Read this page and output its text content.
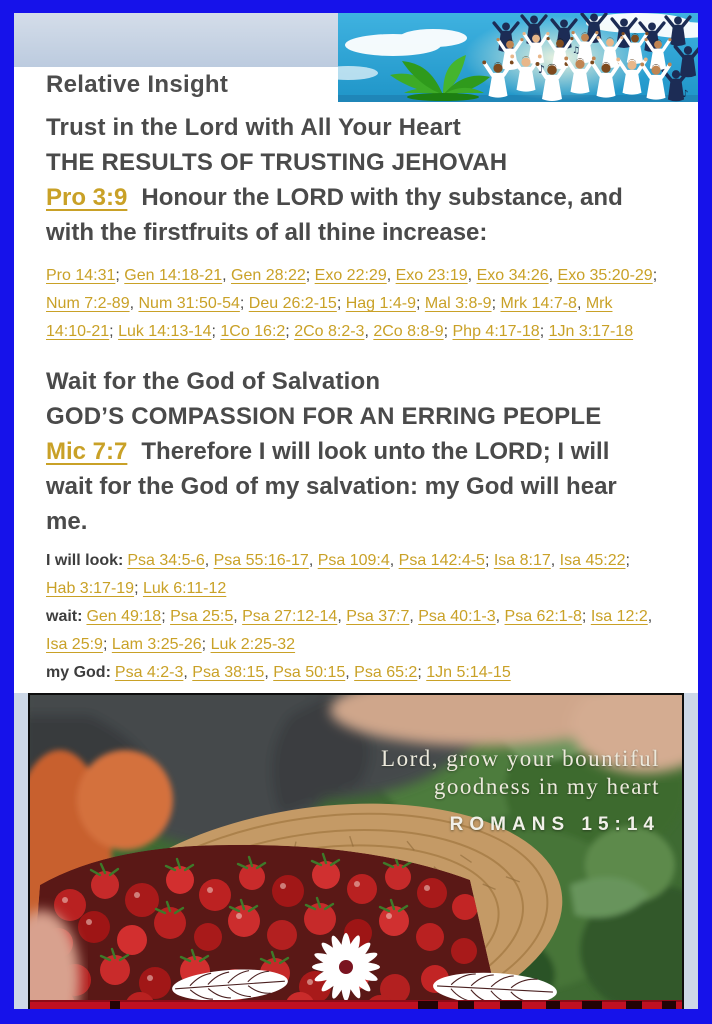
♪
♫
♪
Relative Insight
Trust in the Lord with All Your Heart
THE RESULTS OF TRUSTING JEHOVAH
Pro 3:9 Honour the LORD with thy substance, and with the firstfruits of all thine increase:
Pro 14:31; Gen 14:18-21, Gen 28:22; Exo 22:29, Exo 23:19, Exo 34:26, Exo 35:20-29; Num 7:2-89, Num 31:50-54; Deu 26:2-15; Hag 1:4-9; Mal 3:8-9; Mrk 14:7-8, Mrk 14:10-21; Luk 14:13-14; 1Co 16:2; 2Co 8:2-3, 2Co 8:8-9; Php 4:17-18; 1Jn 3:17-18
Wait for the God of Salvation
GOD’S COMPASSION FOR AN ERRING PEOPLE
Mic 7:7 Therefore I will look unto the LORD; I will wait for the God of my salvation: my God will hear me.
I will look: Psa 34:5-6, Psa 55:16-17, Psa 109:4, Psa 142:4-5; Isa 8:17, Isa 45:22; Hab 3:17-19; Luk 6:11-12
wait: Gen 49:18; Psa 25:5, Psa 27:12-14, Psa 37:7, Psa 40:1-3, Psa 62:1-8; Isa 12:2, Isa 25:9; Lam 3:25-26; Luk 2:25-32
my God: Psa 4:2-3, Psa 38:15, Psa 50:15, Psa 65:2; 1Jn 5:14-15
Lord, grow your bountiful
goodness in my heart
ROMANS 15:14
